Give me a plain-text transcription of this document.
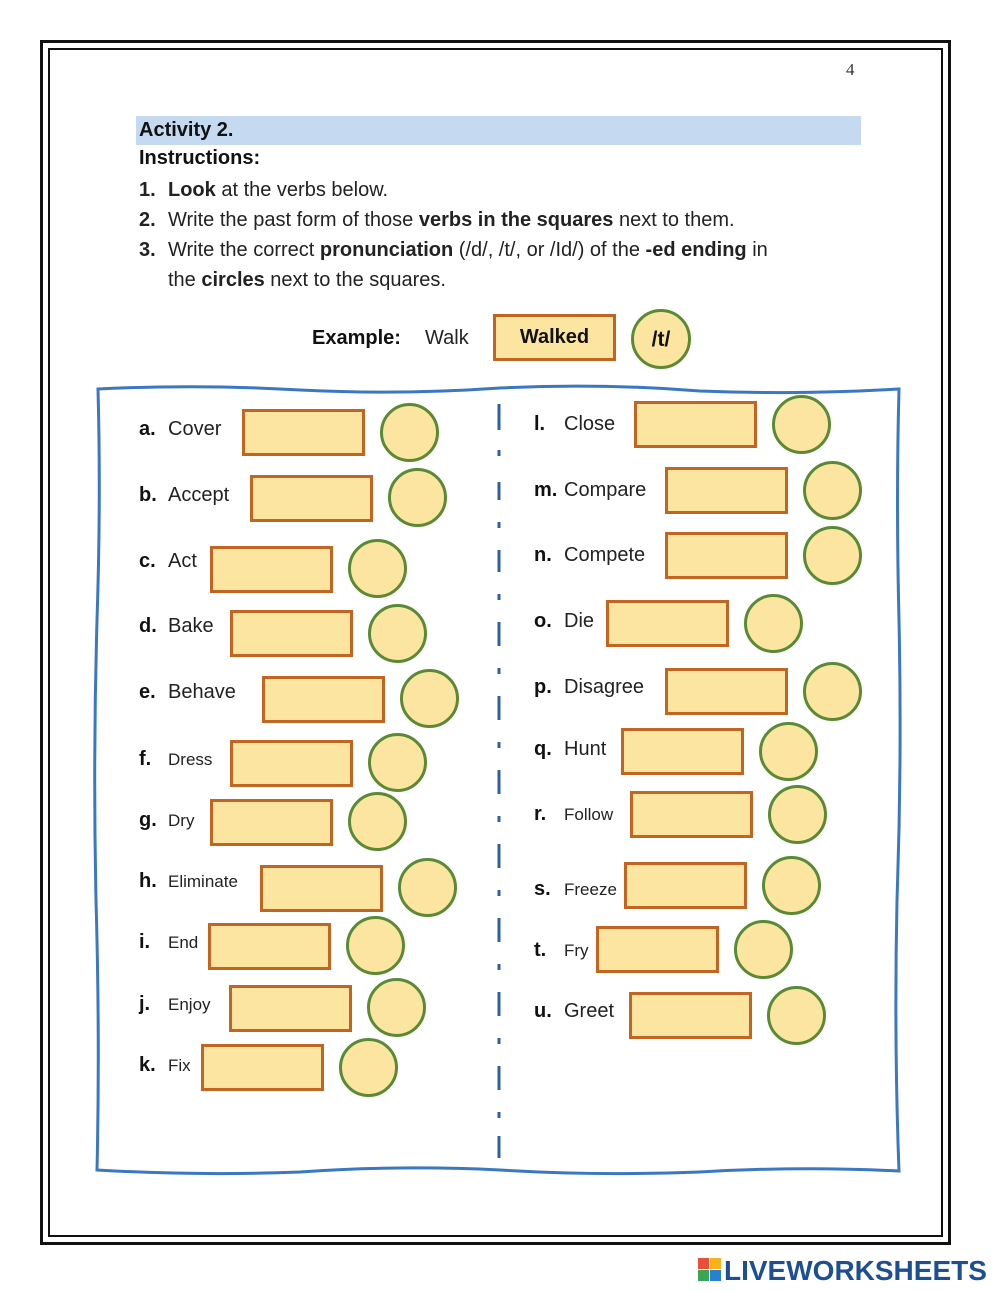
4
Activity 2.
Instructions:
1. Look at the verbs below.
2. Write the past form of those verbs in the squares next to them.
3. Write the correct pronunciation (/d/, /t/, or /Id/) of the -ed ending in
the circles next to the squares.
Example: Walk	Walked	/t/
a. Cover
b. Accept
c. Act
d. Bake
e. Behave
f. Dress
g. Dry
h. Eliminate
i. End
j. Enjoy
k. Fix
l. Close
m. Compare
n. Compete
o. Die
p. Disagree
q. Hunt
r. Follow
s. Freeze
t. Fry
u. Greet
LIVEWORKSHEETS
